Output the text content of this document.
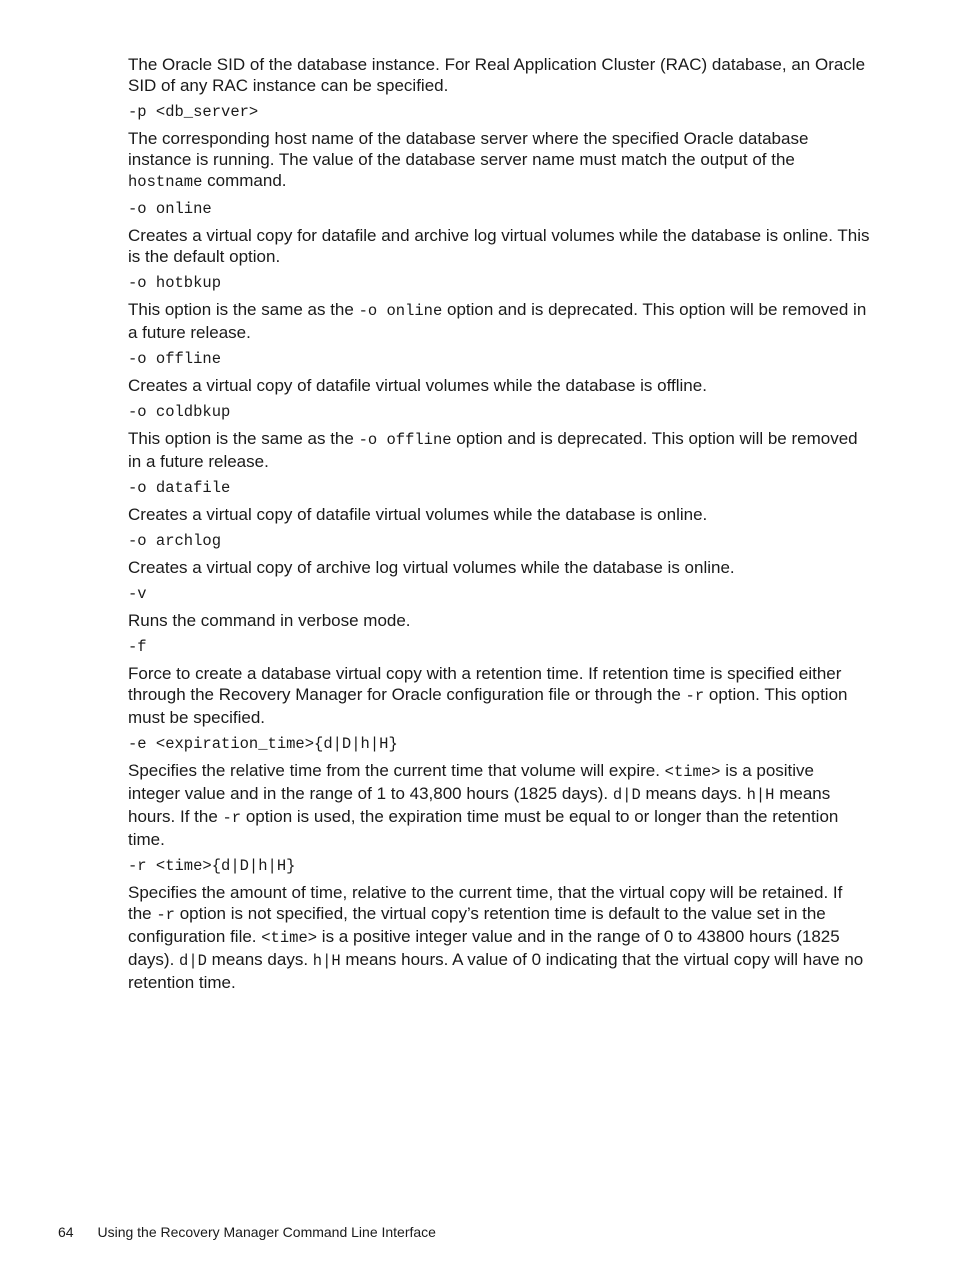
The Oracle SID of the database instance. For Real Application Cluster (RAC) database, an Oracle SID of any RAC instance can be specified.

-p <db_server>

The corresponding host name of the database server where the specified Oracle database instance is running. The value of the database server name must match the output of the hostname command.

-o online

Creates a virtual copy for datafile and archive log virtual volumes while the database is online. This is the default option.

-o hotbkup

This option is the same as the -o online option and is deprecated. This option will be removed in a future release.

-o offline

Creates a virtual copy of datafile virtual volumes while the database is offline.

-o coldbkup

This option is the same as the -o offline option and is deprecated. This option will be removed in a future release.

-o datafile

Creates a virtual copy of datafile virtual volumes while the database is online.

-o archlog

Creates a virtual copy of archive log virtual volumes while the database is online.

-v

Runs the command in verbose mode.

-f

Force to create a database virtual copy with a retention time. If retention time is specified either through the Recovery Manager for Oracle configuration file or through the -r option. This option must be specified.

-e <expiration_time>{d|D|h|H}

Specifies the relative time from the current time that volume will expire. <time> is a positive integer value and in the range of 1 to 43,800 hours (1825 days). d|D means days. h|H means hours. If the -r option is used, the expiration time must be equal to or longer than the retention time.

-r <time>{d|D|h|H}

Specifies the amount of time, relative to the current time, that the virtual copy will be retained. If the -r option is not specified, the virtual copy’s retention time is default to the value set in the configuration file. <time> is a positive integer value and in the range of 0 to 43800 hours (1825 days). d|D means days. h|H means hours. A value of 0 indicating that the virtual copy will have no retention time.

64 Using the Recovery Manager Command Line Interface
